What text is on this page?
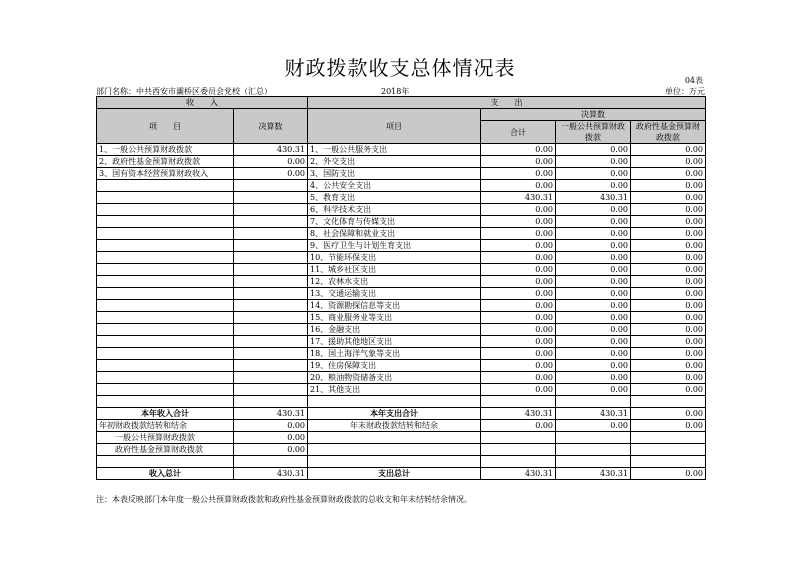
财政拨款收支总体情况表
04表
部门名称：中共西安市灞桥区委员会党校（汇总）	2018年	单位：万元
收　　入		支　　出			
项　　目	决算数	项目	决算数		
			合计	一般公共预算财政拨款	政府性基金预算财政拨款
1、一般公共预算财政拨款	430.31	1、一般公共服务支出	0.00	0.00	0.00
2、政府性基金预算财政拨款	0.00	2、外交支出	0.00	0.00	0.00
3、国有资本经营预算财政收入	0.00	3、国防支出	0.00	0.00	0.00
		4、公共安全支出	0.00	0.00	0.00
		5、教育支出	430.31	430.31	0.00
		6、科学技术支出	0.00	0.00	0.00
		7、文化体育与传媒支出	0.00	0.00	0.00
		8、社会保障和就业支出	0.00	0.00	0.00
		9、医疗卫生与计划生育支出	0.00	0.00	0.00
		10、节能环保支出	0.00	0.00	0.00
		11、城乡社区支出	0.00	0.00	0.00
		12、农林水支出	0.00	0.00	0.00
		13、交通运输支出	0.00	0.00	0.00
		14、资源勘探信息等支出	0.00	0.00	0.00
		15、商业服务业等支出	0.00	0.00	0.00
		16、金融支出	0.00	0.00	0.00
		17、援助其他地区支出	0.00	0.00	0.00
		18、国土海洋气象等支出	0.00	0.00	0.00
		19、住房保障支出	0.00	0.00	0.00
		20、粮油物资储备支出	0.00	0.00	0.00
		21、其他支出	0.00	0.00	0.00

本年收入合计	430.31	本年支出合计	430.31	430.31	0.00
年初财政拨款结转和结余	0.00	年末财政拨款结转和结余	0.00	0.00	0.00
一般公共预算财政拨款	0.00				
政府性基金预算财政拨款	0.00				

收入总计	430.31	支出总计	430.31	430.31	0.00
注：本表反映部门本年度一般公共预算财政拨款和政府性基金预算财政拨款的总收支和年末结转结余情况。
